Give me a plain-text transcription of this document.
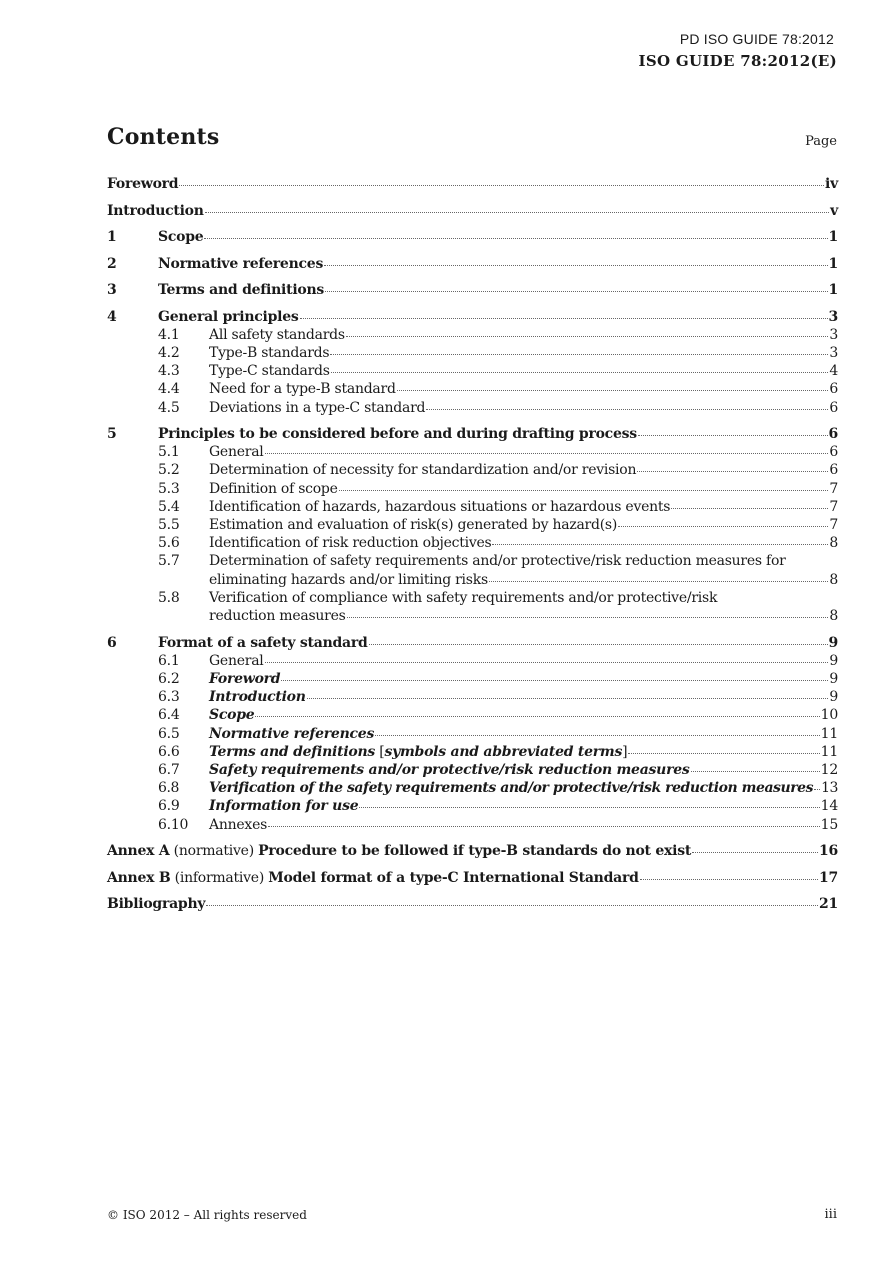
PD ISO GUIDE 78:2012
ISO GUIDE 78:2012(E)
Contents	Page
Foreword	iv
Introduction	v
1	Scope	1
2	Normative references	1
3	Terms and definitions	1
4	General principles	3
4.1	All safety standards	3
4.2	Type-B standards	3
4.3	Type-C standards	4
4.4	Need for a type-B standard	6
4.5	Deviations in a type-C standard	6
5	Principles to be considered before and during drafting process	6
5.1	General	6
5.2	Determination of necessity for standardization and/or revision	6
5.3	Definition of scope	7
5.4	Identification of hazards, hazardous situations or hazardous events	7
5.5	Estimation and evaluation of risk(s) generated by hazard(s)	7
5.6	Identification of risk reduction objectives	8
5.7	Determination of safety requirements and/or protective/risk reduction measures for
eliminating hazards and/or limiting risks	8
5.8	Verification of compliance with safety requirements and/or protective/risk
reduction measures	8
6	Format of a safety standard	9
6.1	General	9
6.2	Foreword	9
6.3	Introduction	9
6.4	Scope	10
6.5	Normative references	11
6.6	Terms and definitions [symbols and abbreviated terms]	11
6.7	Safety requirements and/or protective/risk reduction measures	12
6.8	Verification of the safety requirements and/or protective/risk reduction measures 13
6.9	Information for use	14
6.10	Annexes	15
Annex A (normative) Procedure to be followed if type-B standards do not exist	16
Annex B (informative) Model format of a type-C International Standard	17
Bibliography	21
© ISO 2012 – All rights reserved	iii
